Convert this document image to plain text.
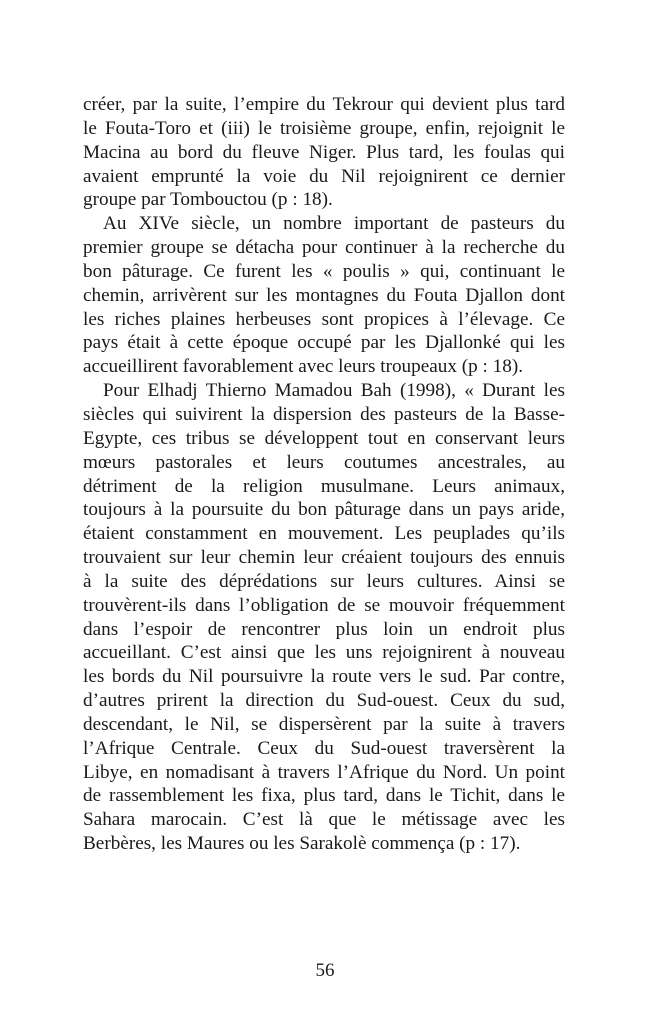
créer, par la suite, l’empire du Tekrour qui devient plus tard
le Fouta-Toro et (iii) le troisième groupe, enfin, rejoignit le
Macina au bord du fleuve Niger. Plus tard, les foulas qui
avaient emprunté la voie du Nil rejoignirent ce dernier
groupe par Tombouctou (p : 18).
Au XIVe siècle, un nombre important de pasteurs du
premier groupe se détacha pour continuer à la recherche du
bon pâturage. Ce furent les « poulis » qui, continuant le
chemin, arrivèrent sur les montagnes du Fouta Djallon dont
les riches plaines herbeuses sont propices à l’élevage. Ce
pays était à cette époque occupé par les Djallonké qui les
accueillirent favorablement avec leurs troupeaux (p : 18).
Pour Elhadj Thierno Mamadou Bah (1998), « Durant les
siècles qui suivirent la dispersion des pasteurs de la Basse-
Egypte, ces tribus se développent tout en conservant leurs
mœurs pastorales et leurs coutumes ancestrales, au
détriment de la religion musulmane. Leurs animaux,
toujours à la poursuite du bon pâturage dans un pays aride,
étaient constamment en mouvement. Les peuplades qu’ils
trouvaient sur leur chemin leur créaient toujours des ennuis
à la suite des déprédations sur leurs cultures. Ainsi se
trouvèrent-ils dans l’obligation de se mouvoir fréquemment
dans l’espoir de rencontrer plus loin un endroit plus
accueillant. C’est ainsi que les uns rejoignirent à nouveau
les bords du Nil poursuivre la route vers le sud. Par contre,
d’autres prirent la direction du Sud-ouest. Ceux du sud,
descendant, le Nil, se dispersèrent par la suite à travers
l’Afrique Centrale. Ceux du Sud-ouest traversèrent la
Libye, en nomadisant à travers l’Afrique du Nord. Un point
de rassemblement les fixa, plus tard, dans le Tichit, dans le
Sahara marocain. C’est là que le métissage avec les
Berbères, les Maures ou les Sarakolè commença (p : 17).
56
